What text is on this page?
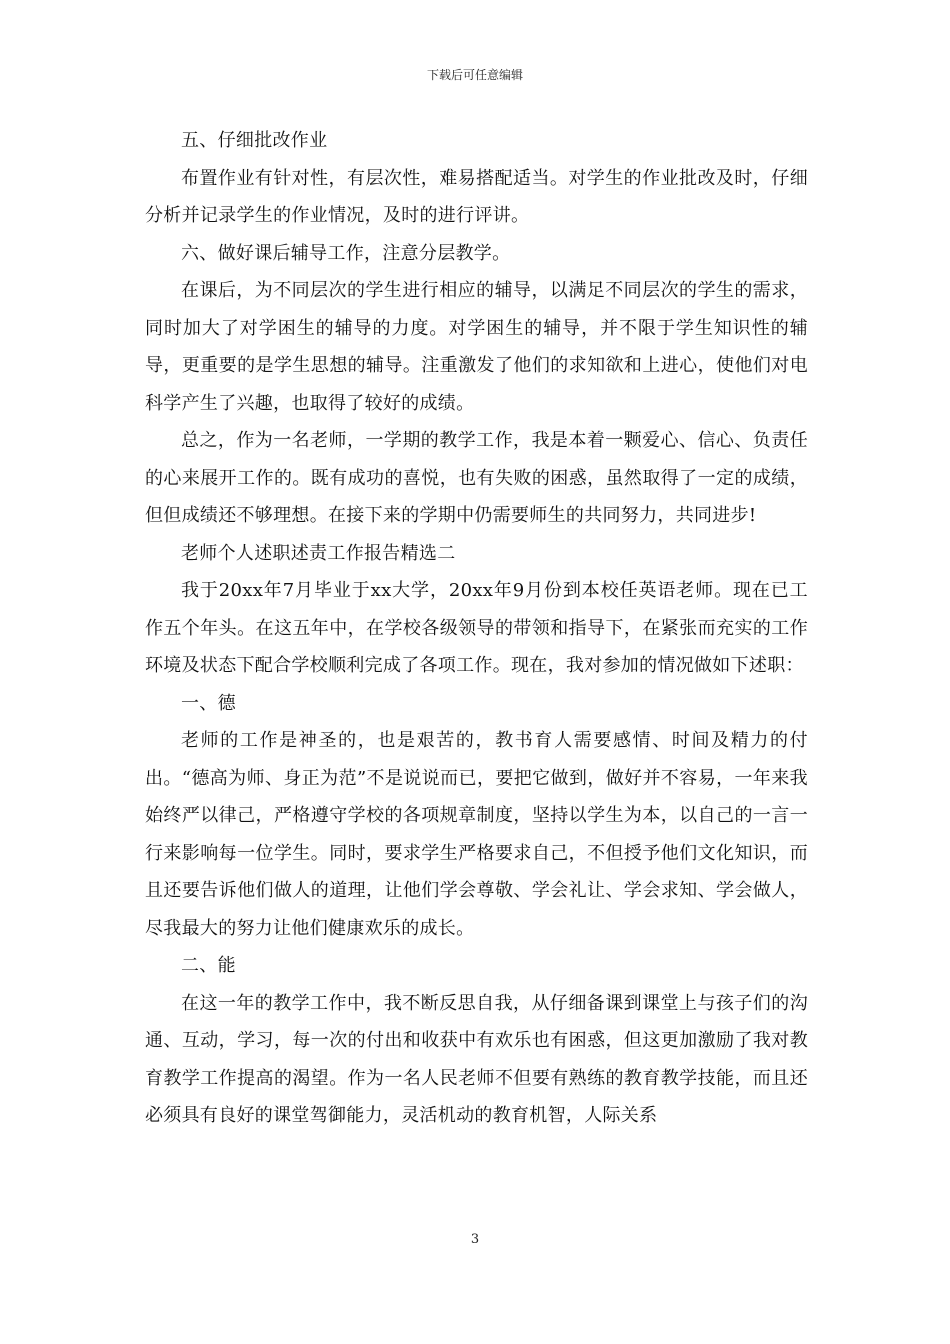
下载后可任意编辑

五、仔细批改作业

布置作业有针对性，有层次性，难易搭配适当。对学生的作业批改及时，仔细分析并记录学生的作业情况，及时的进行评讲。

六、做好课后辅导工作，注意分层教学。

在课后，为不同层次的学生进行相应的辅导，以满足不同层次的学生的需求，同时加大了对学困生的辅导的力度。对学困生的辅导，并不限于学生知识性的辅导，更重要的是学生思想的辅导。注重激发了他们的求知欲和上进心，使他们对电科学产生了兴趣，也取得了较好的成绩。

总之，作为一名老师，一学期的教学工作，我是本着一颗爱心、信心、负责任的心来展开工作的。既有成功的喜悦，也有失败的困惑，虽然取得了一定的成绩，但但成绩还不够理想。在接下来的学期中仍需要师生的共同努力，共同进步!

老师个人述职述责工作报告精选二

我于20xx年7月毕业于xx大学，20xx年9月份到本校任英语老师。现在已工作五个年头。在这五年中，在学校各级领导的带领和指导下，在紧张而充实的工作环境及状态下配合学校顺利完成了各项工作。现在，我对参加的情况做如下述职：

一、德

老师的工作是神圣的，也是艰苦的，教书育人需要感情、时间及精力的付出。“德高为师、身正为范”不是说说而已，要把它做到，做好并不容易，一年来我始终严以律己，严格遵守学校的各项规章制度，坚持以学生为本，以自己的一言一行来影响每一位学生。同时，要求学生严格要求自己，不但授予他们文化知识，而且还要告诉他们做人的道理，让他们学会尊敬、学会礼让、学会求知、学会做人，尽我最大的努力让他们健康欢乐的成长。

二、能

在这一年的教学工作中，我不断反思自我，从仔细备课到课堂上与孩子们的沟通、互动，学习，每一次的付出和收获中有欢乐也有困惑，但这更加激励了我对教育教学工作提高的渴望。作为一名人民老师不但要有熟练的教育教学技能，而且还必须具有良好的课堂驾御能力，灵活机动的教育机智，人际关系

3
